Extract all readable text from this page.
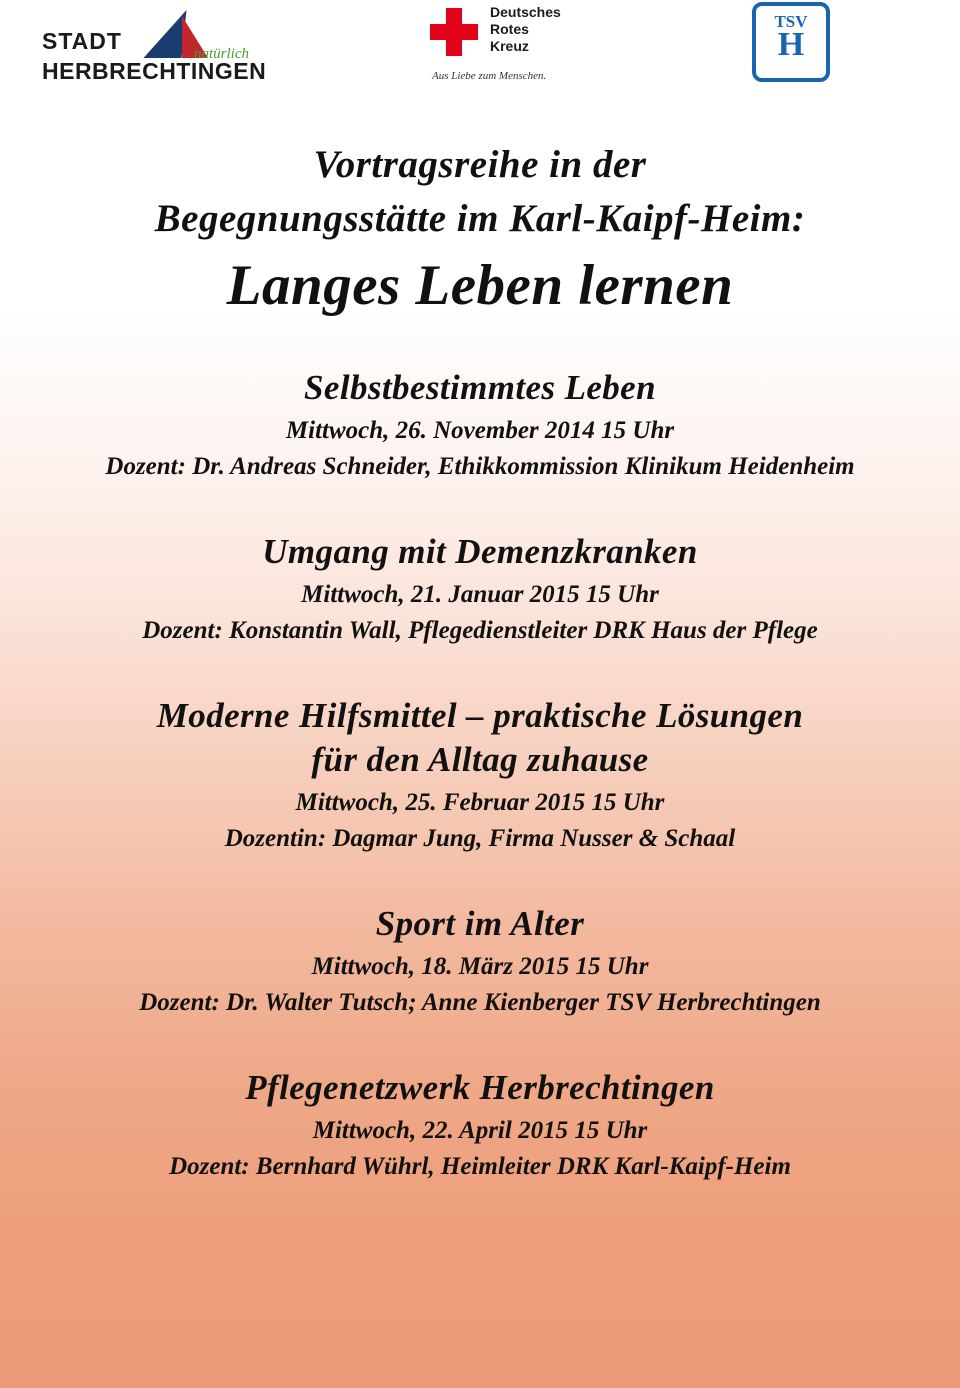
STADT	natürlich
HERBRECHTINGEN
Deutsches
Rotes
Kreuz
Aus Liebe zum Menschen.
TSV
H
Vortragsreihe in der
Begegnungsstätte im Karl-Kaipf-Heim:
Langes Leben lernen
Selbstbestimmtes Leben
Mittwoch, 26. November 2014 15 Uhr
Dozent: Dr. Andreas Schneider, Ethikkommission Klinikum Heidenheim
Umgang mit Demenzkranken
Mittwoch, 21. Januar 2015 15 Uhr
Dozent: Konstantin Wall, Pflegedienstleiter DRK Haus der Pflege
Moderne Hilfsmittel – praktische Lösungen
für den Alltag zuhause
Mittwoch, 25. Februar 2015 15 Uhr
Dozentin: Dagmar Jung, Firma Nusser & Schaal
Sport im Alter
Mittwoch, 18. März 2015 15 Uhr
Dozent: Dr. Walter Tutsch; Anne Kienberger TSV Herbrechtingen
Pflegenetzwerk Herbrechtingen
Mittwoch, 22. April 2015 15 Uhr
Dozent: Bernhard Wührl, Heimleiter DRK Karl-Kaipf-Heim
